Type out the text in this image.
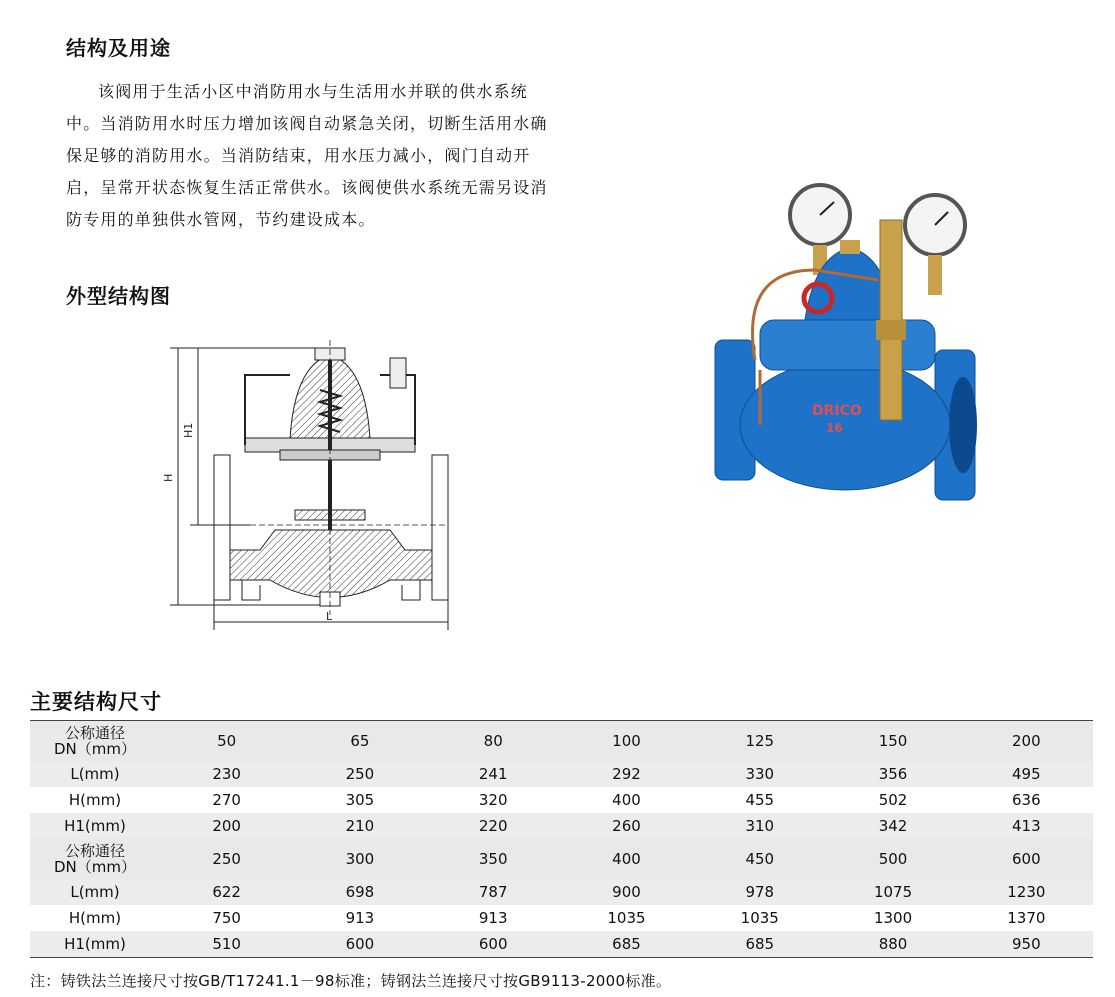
结构及用途

该阀用于生活小区中消防用水与生活用水并联的供水系统中。当消防用水时压力增加该阀自动紧急关闭，切断生活用水确保足够的消防用水。当消防结束，用水压力减小，阀门自动开启，呈常开状态恢复生活正常供水。该阀使供水系统无需另设消防专用的单独供水管网，节约建设成本。

外型结构图
H
H1
L
DRICO
16
主要结构尺寸
公称通径
DN（mm）	50	65	80	100	125	150	200
L(mm)	230	250	241	292	330	356	495
H(mm)	270	305	320	400	455	502	636
H1(mm)	200	210	220	260	310	342	413
公称通径
DN（mm）	250	300	350	400	450	500	600
L(mm)	622	698	787	900	978	1075	1230
H(mm)	750	913	913	1035	1035	1300	1370
H1(mm)	510	600	600	685	685	880	950

注：铸铁法兰连接尺寸按GB/T17241.1－98标准；铸钢法兰连接尺寸按GB9113-2000标准。
